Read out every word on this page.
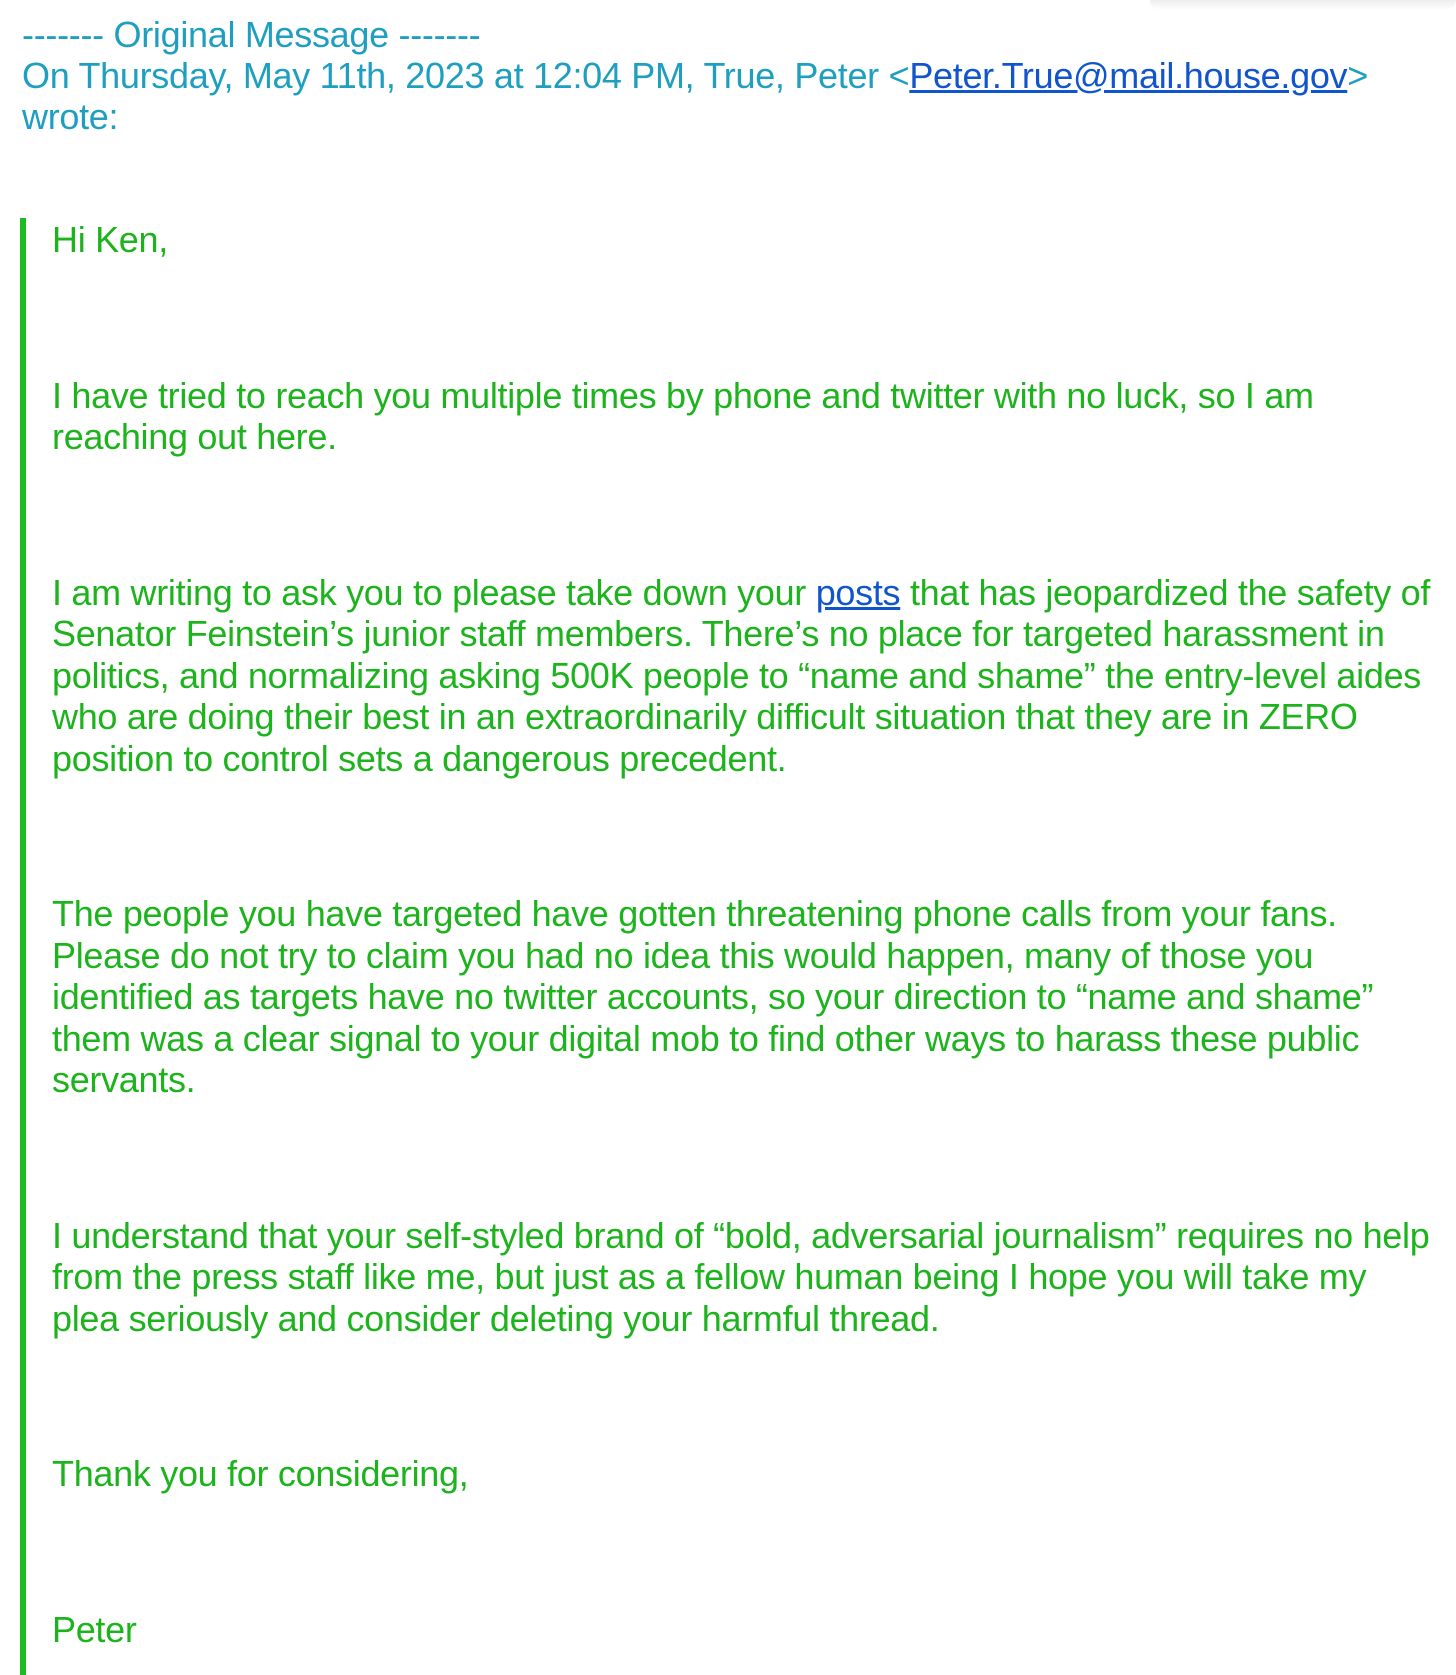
------- Original Message -------
On Thursday, May 11th, 2023 at 12:04 PM, True, Peter <Peter.True@mail.house.gov>
wrote:

Hi Ken,

I have tried to reach you multiple times by phone and twitter with no luck, so I am reaching out here.

I am writing to ask you to please take down your posts that has jeopardized the safety of Senator Feinstein’s junior staff members. There’s no place for targeted harassment in politics, and normalizing asking 500K people to “name and shame” the entry-level aides who are doing their best in an extraordinarily difficult situation that they are in ZERO position to control sets a dangerous precedent.

The people you have targeted have gotten threatening phone calls from your fans. Please do not try to claim you had no idea this would happen, many of those you identified as targets have no twitter accounts, so your direction to “name and shame” them was a clear signal to your digital mob to find other ways to harass these public servants.

I understand that your self-styled brand of “bold, adversarial journalism” requires no help from the press staff like me, but just as a fellow human being I hope you will take my plea seriously and consider deleting your harmful thread.

Thank you for considering,

Peter
